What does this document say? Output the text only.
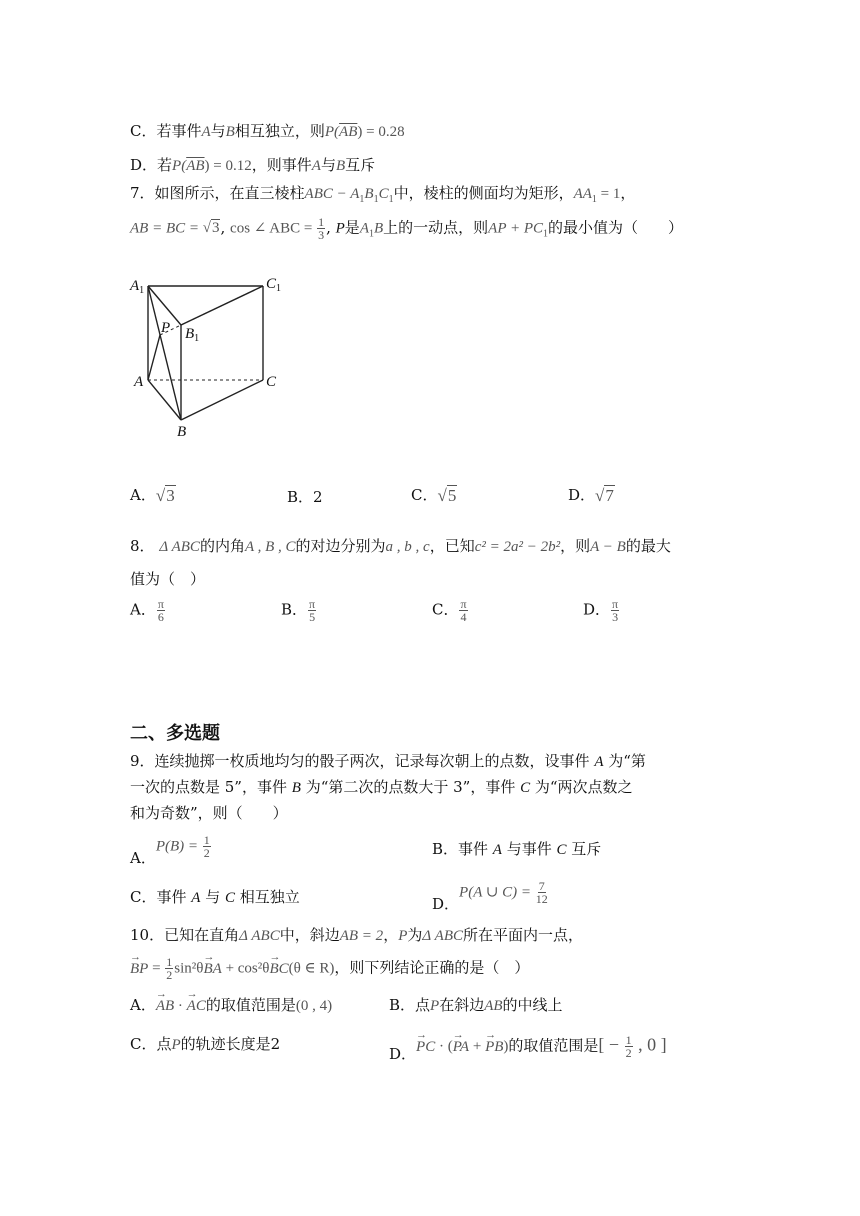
C．若事件A与B相互独立，则$P(\overline{AB}) = 0.28$
D．若$P(\overline{AB}) = 0.12$，则事件A与B互斥
7．如图所示，在直三棱柱ABC − $A_1B_1C_1$中，棱柱的侧面均为矩形，$AA_1 = 1$，
AB = BC = √3, cos ∠ ABC = $\frac{1}{3}$ , P是$A_1B$上的一动点，则AP + $PC_1$的最小值为（　　）
$A_1$	$C_1$
P $B_1$
A	C
B
A．√3	B．2	C．√5	D．√7
8． Δ ABC的内角A , B , C的对边分别为a , b , c，已知c² = 2a² − 2b²，则A − B的最大
值为（　）
A． $\frac{\pi}{6}$	B． $\frac{\pi}{5}$	C． $\frac{\pi}{4}$	D． $\frac{\pi}{3}$
二、多选题
9．连续抛掷一枚质地均匀的骰子两次，记录每次朝上的点数，设事件 A 为“第
一次的点数是 5”，事件 B 为“第二次的点数大于 3”，事件 C 为“两次点数之
和为奇数”，则（　　）
A．$P(B) = \frac{1}{2}$	B．事件 A 与事件 C 互斥
C．事件 A 与 C 相互独立	D．P(A ∪ $C) = \frac{7}{12}$
10．已知在直角Δ ABC中，斜边AB = 2，P为Δ ABC所在平面内一点，
→
BP = $\frac{1}{2} \sin^2\theta$
→
BA + cos²θ
→
BC(θ ∈ R)，则下列结论正确的是（　）
A．
→
AB ·
→
AC的取值范围是(0 , 4)	B．点P在斜边AB的中线上
C．点P的轨迹长度是2
D．
→
PC · (
→
PA +
→
PB)的取值范围是[ − $\frac{1}{2}$ , 0 ]
